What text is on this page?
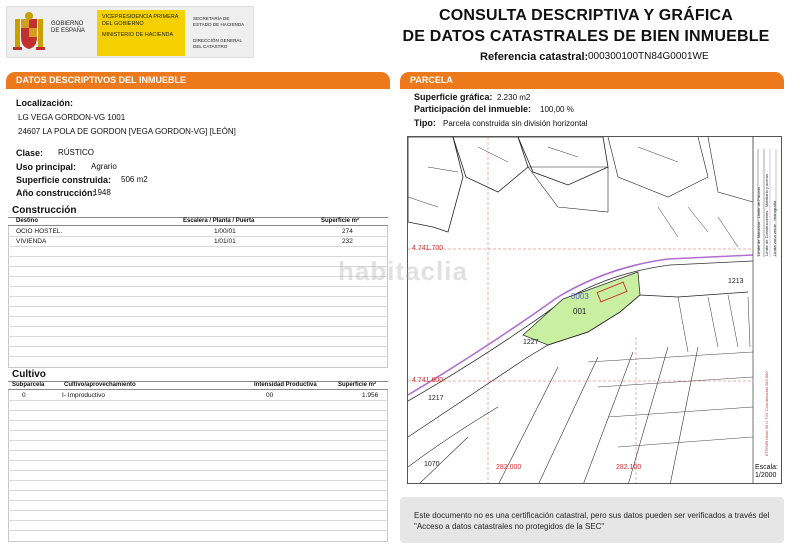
GOBIERNO DE ESPAÑA
VICEPRESIDENCIA PRIMERA DEL GOBIERNO
MINISTERIO DE HACIENDA
SECRETARÍA DE ESTADO DE HACIENDA
DIRECCIÓN GENERAL DEL CATASTRO
CONSULTA DESCRIPTIVA Y GRÁFICA
DE DATOS CATASTRALES DE BIEN INMUEBLE
Referencia catastral: 000300100TN84G0001WE
DATOS DESCRIPTIVOS DEL INMUEBLE	PARCELA
Localización:
LG VEGA GORDON-VG 1001
24607 LA POLA DE GORDON [VEGA GORDON-VG] [LEÓN]
Clase: RÚSTICO
Uso principal: Agrario
Superficie construida: 506 m2
Año construcción:
1948
Construcción
Destino	Escalera / Planta / Puerta	Superficie m²
OCIO HOSTEL.	1/00/01	274
VIVIENDA	1/01/01	232
Cultivo
Subparcela	Cultivo/aprovechamiento	Intensidad Productiva	Superficie m²
0	I- Improductivo	00	1.956
Superficie gráfica: 2.230 m2
Participación del inmueble: 100,00 %
Tipo: Parcela construida sin división horizontal
4.741.700
4.741.600
282.000	282.100
0003
001
1213
1227
1217
1070
Límite de Manzana · Límite de Parcela
Límite de Construcciones · Mobiliario y aceras
Límite zona verde · Hidrografía
ETRS89 Huso 30 U.T.M. Coordenadas 282.000
Escala:
1/2000
Este documento no es una certificación catastral, pero sus datos pueden ser verificados a través del "Acceso a datos catastrales no protegidos de la SEC"
habitaclia
